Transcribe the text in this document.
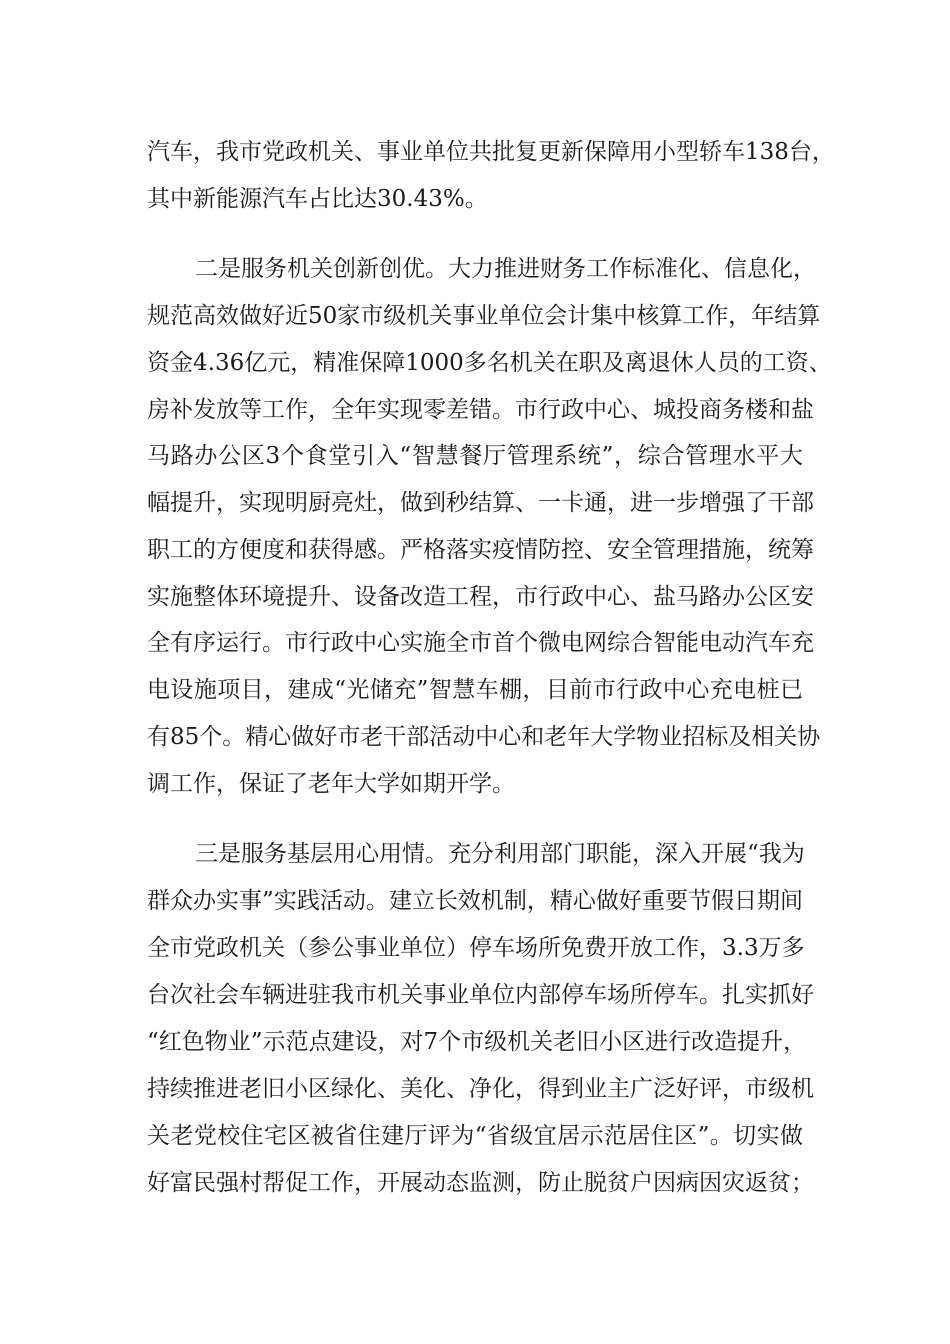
汽车，我市党政机关、事业单位共批复更新保障用小型轿车138台，

其中新能源汽车占比达30.43%。

二是服务机关创新创优。大力推进财务工作标准化、信息化，

规范高效做好近50家市级机关事业单位会计集中核算工作，年结算

资金4.36亿元，精准保障1000多名机关在职及离退休人员的工资、

房补发放等工作，全年实现零差错。市行政中心、城投商务楼和盐

马路办公区3个食堂引入“智慧餐厅管理系统”，综合管理水平大

幅提升，实现明厨亮灶，做到秒结算、一卡通，进一步增强了干部

职工的方便度和获得感。严格落实疫情防控、安全管理措施，统筹

实施整体环境提升、设备改造工程，市行政中心、盐马路办公区安

全有序运行。市行政中心实施全市首个微电网综合智能电动汽车充

电设施项目，建成“光储充”智慧车棚，目前市行政中心充电桩已

有85个。精心做好市老干部活动中心和老年大学物业招标及相关协

调工作，保证了老年大学如期开学。

三是服务基层用心用情。充分利用部门职能，深入开展“我为

群众办实事”实践活动。建立长效机制，精心做好重要节假日期间

全市党政机关（参公事业单位）停车场所免费开放工作，3.3万多

台次社会车辆进驻我市机关事业单位内部停车场所停车。扎实抓好

“红色物业”示范点建设，对7个市级机关老旧小区进行改造提升，

持续推进老旧小区绿化、美化、净化，得到业主广泛好评，市级机

关老党校住宅区被省住建厅评为“省级宜居示范居住区”。切实做

好富民强村帮促工作，开展动态监测，防止脱贫户因病因灾返贫；
